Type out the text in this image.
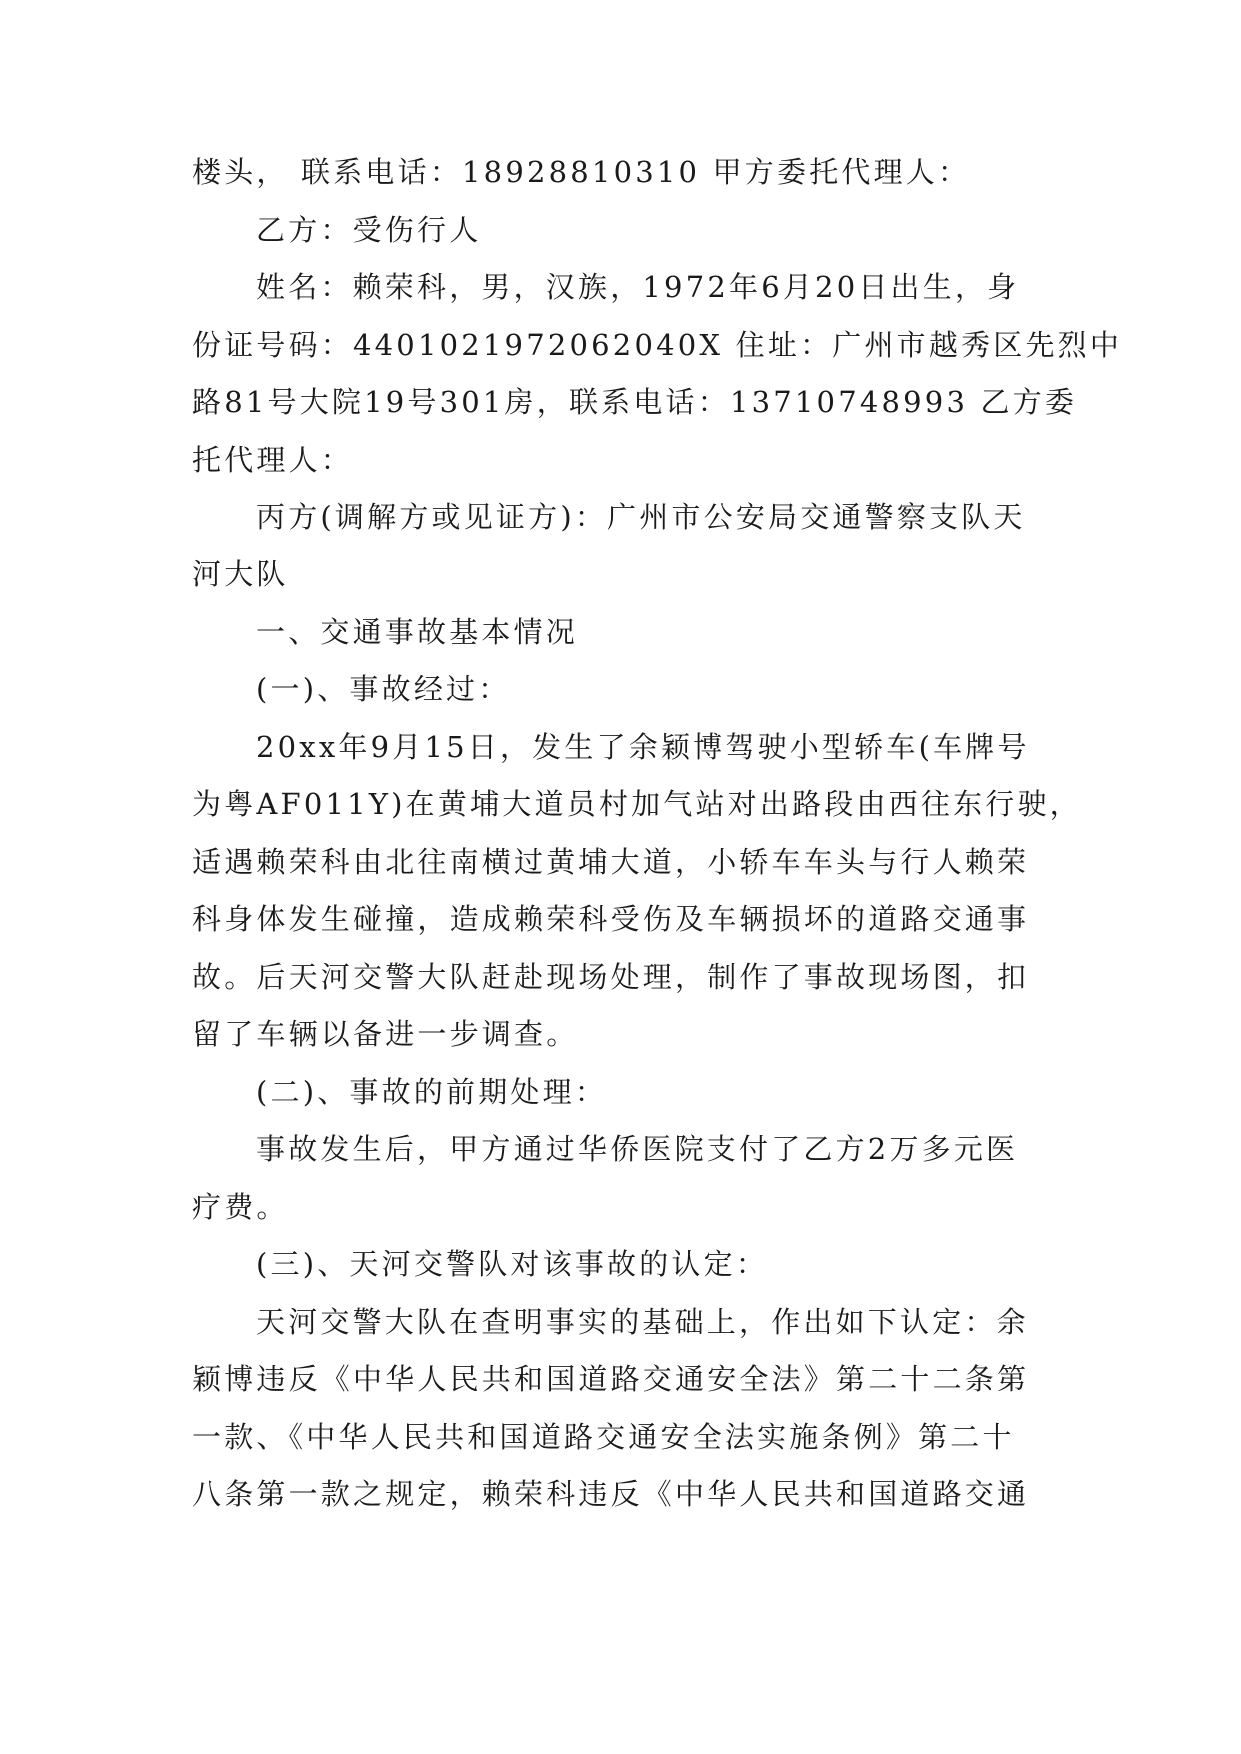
楼头， 联系电话：18928810310 甲方委托代理人：
乙方：受伤行人
姓名：赖荣科，男，汉族，1972年6月20日出生，身
份证号码：4401021972062040X 住址：广州市越秀区先烈中
路81号大院19号301房，联系电话：13710748993 乙方委
托代理人：
丙方(调解方或见证方)：广州市公安局交通警察支队天
河大队
一、交通事故基本情况
(一)、事故经过：
20xx年9月15日，发生了余颖博驾驶小型轿车(车牌号
为粤AF011Y)在黄埔大道员村加气站对出路段由西往东行驶，
适遇赖荣科由北往南横过黄埔大道，小轿车车头与行人赖荣
科身体发生碰撞，造成赖荣科受伤及车辆损坏的道路交通事
故。后天河交警大队赶赴现场处理，制作了事故现场图，扣
留了车辆以备进一步调查。
(二)、事故的前期处理：
事故发生后，甲方通过华侨医院支付了乙方2万多元医
疗费。
(三)、天河交警队对该事故的认定：
天河交警大队在查明事实的基础上，作出如下认定：余
颖博违反《中华人民共和国道路交通安全法》第二十二条第
一款、《中华人民共和国道路交通安全法实施条例》第二十
八条第一款之规定，赖荣科违反《中华人民共和国道路交通
